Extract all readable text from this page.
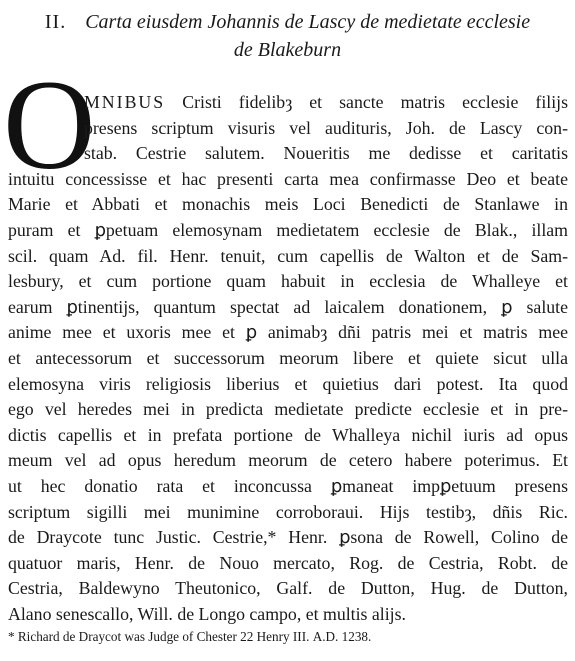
II. Carta eiusdem Johannis de Lascy de medietate ecclesie
de Blakeburn
O
MNIBUS Cristi fidelibȝ et sancte matris ecclesie filijs
presens scriptum visuris vel audituris, Joh. de Lascy con-
stab. Cestrie salutem. Noueritis me dedisse et caritatis
intuitu concessisse et hac presenti carta mea confirmasse Deo et beate
Marie et Abbati et monachis meis Loci Benedicti de Stanlawe in
puram et ꝑpetuam elemosynam medietatem ecclesie de Blak., illam
scil. quam Ad. fil. Henr. tenuit, cum capellis de Walton et de Sam-
lesbury, et cum portione quam habuit in ecclesia de Whalleye et
earum ꝑtinentijs, quantum spectat ad laicalem donationem, ꝑ salute
anime mee et uxoris mee et ꝑ animabȝ dñi patris mei et matris mee
et antecessorum et successorum meorum libere et quiete sicut ulla
elemosyna viris religiosis liberius et quietius dari potest. Ita quod
ego vel heredes mei in predicta medietate predicte ecclesie et in pre-
dictis capellis et in prefata portione de Whalleya nichil iuris ad opus
meum vel ad opus heredum meorum de cetero habere poterimus. Et
ut hec donatio rata et inconcussa ꝑmaneat impꝑetuum presens
scriptum sigilli mei munimine corroboraui. Hijs testibȝ, dñis Ric.
de Draycote tunc Justic. Cestrie,* Henr. ꝑsona de Rowell, Colino de
quatuor maris, Henr. de Nouo mercato, Rog. de Cestria, Robt. de
Cestria, Baldewyno Theutonico, Galf. de Dutton, Hug. de Dutton,
* Richard de Draycot was Judge of Chester 22 Henry III. A.D. 1238.
Alano senescallo, Will. de Longo campo, et multis alijs.
